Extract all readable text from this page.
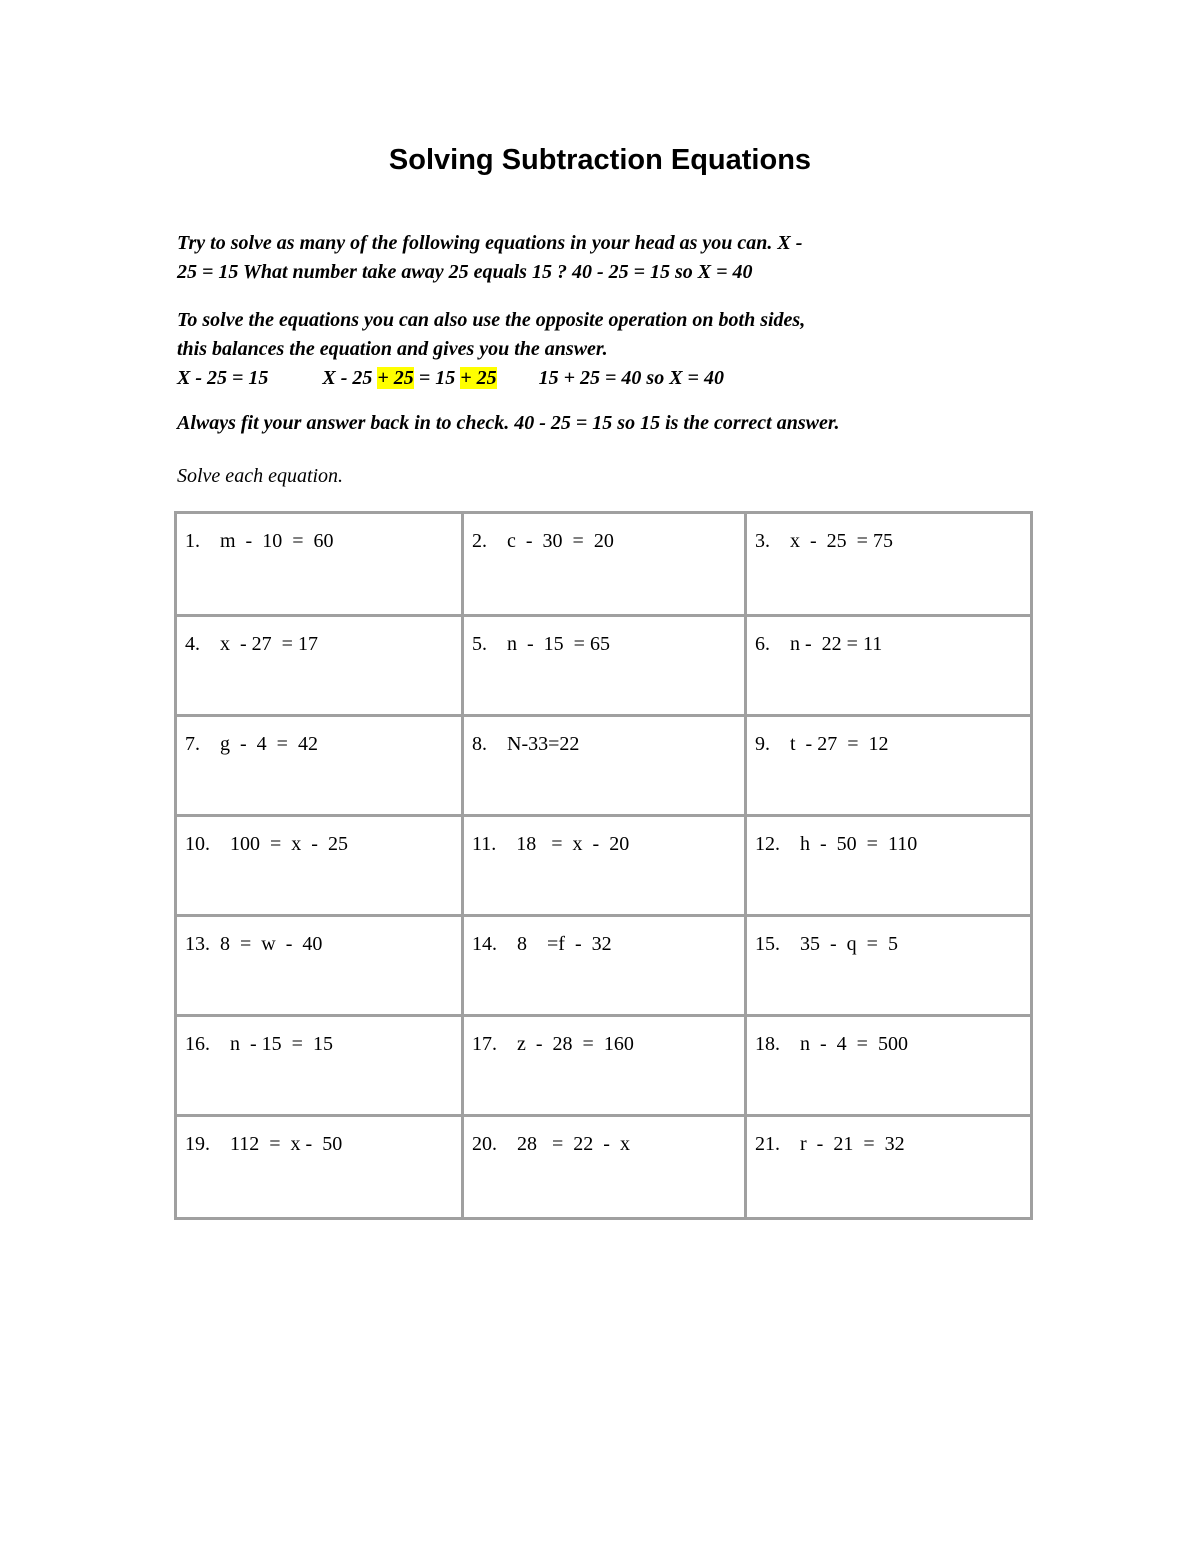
Solving Subtraction Equations
Try to solve as many of the following equations in your head as you can. X -
25 = 15 What number take away 25 equals 15 ? 40 - 25 = 15 so X = 40
To solve the equations you can also use the opposite operation on both sides,
this balances the equation and gives you the answer.
X - 25 = 15	X - 25 + 25 = 15 + 25 15 + 25 = 40 so X = 40
Always fit your answer back in to check. 40 - 25 = 15 so 15 is the correct answer.
Solve each equation.
1.    m  -  10  =  60	2.    c  -  30  =  20	3.    x  -  25  = 75
4.    x  - 27  = 17	5.    n  -  15  = 65	6.    n -  22 = 11
7.    g  -  4  =  42	8.    N-33=22	9.    t  - 27  =  12
10.    100  =  x  -  25	11.    18   =  x  -  20	12.    h  -  50  =  110
13.  8  =  w  -  40	14.    8    =f  -  32	15.    35  -  q  =  5
16.    n  - 15  =  15	17.    z  -  28  =  160	18.    n  -  4  =  500
19.    112  =  x -  50	20.    28   =  22  -  x	21.    r  -  21  =  32
